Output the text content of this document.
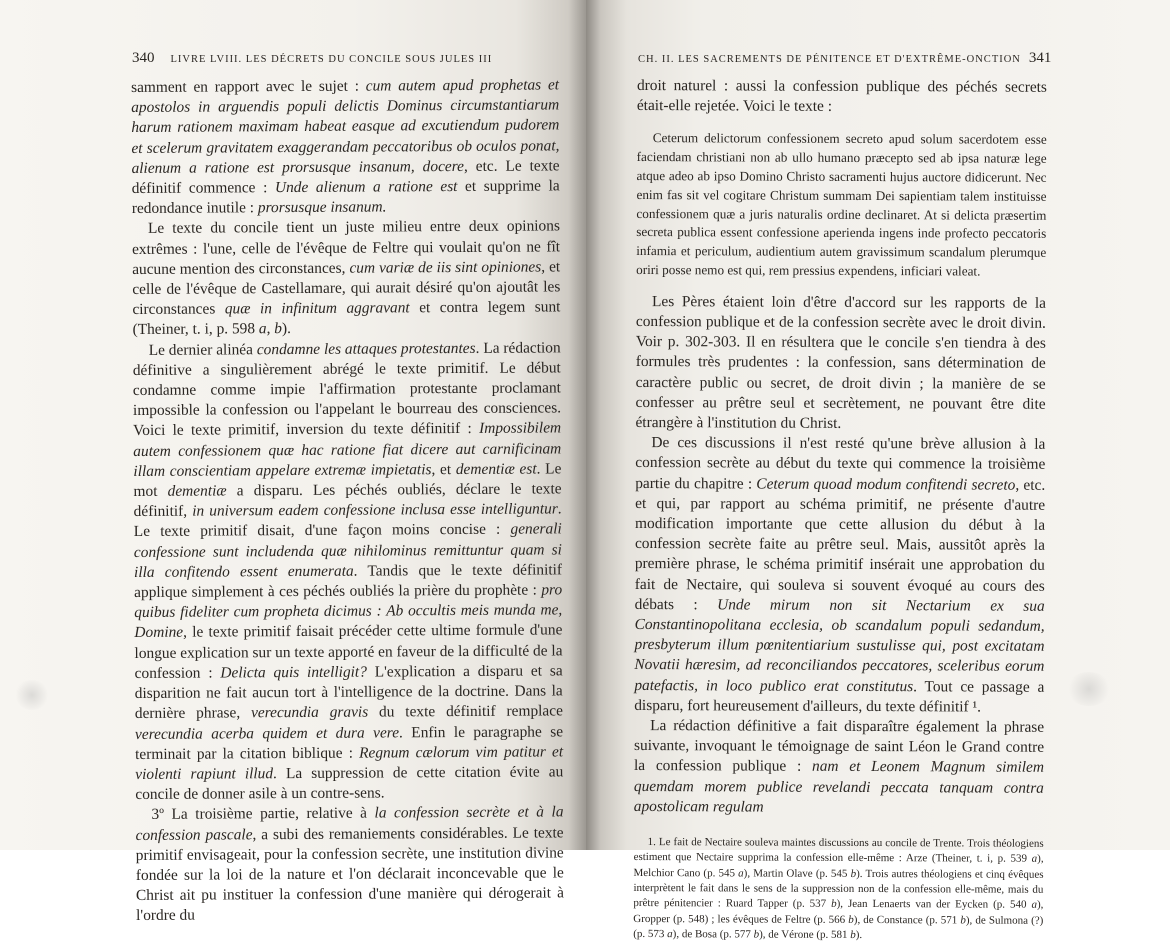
340 LIVRE LVIII. LES DÉCRETS DU CONCILE SOUS JULES III

samment en rapport avec le sujet : cum autem apud prophetas et apostolos in arguendis populi delictis Dominus circumstantiarum harum rationem maximam habeat easque ad excutiendum pudorem et scelerum gravitatem exaggerandam peccatoribus ob oculos ponat, alienum a ratione est prorsusque insanum, docere, etc. Le texte définitif commence : Unde alienum a ratione est et supprime la redondance inutile : prorsusque insanum.

Le texte du concile tient un juste milieu entre deux opinions extrêmes : l'une, celle de l'évêque de Feltre qui voulait qu'on ne fît aucune mention des circonstances, cum variæ de iis sint opiniones, et celle de l'évêque de Castellamare, qui aurait désiré qu'on ajoutât les circonstances quæ in infinitum aggravant et contra legem sunt (Theiner, t. i, p. 598 a, b).

Le dernier alinéa condamne les attaques protestantes. La rédaction définitive a singulièrement abrégé le texte primitif. Le début condamne comme impie l'affirmation protestante proclamant impossible la confession ou l'appelant le bourreau des consciences. Voici le texte primitif, inversion du texte définitif : Impossibilem autem confessionem quæ hac ratione fiat dicere aut carnificinam illam conscientiam appelare extremæ impietatis, et dementiæ est. Le mot dementiæ a disparu. Les péchés oubliés, déclare le texte définitif, in universum eadem confessione inclusa esse intelliguntur. Le texte primitif disait, d'une façon moins concise : generali confessione sunt includenda quæ nihilominus remittuntur quam si illa confitendo essent enumerata. Tandis que le texte définitif applique simplement à ces péchés oubliés la prière du prophète : pro quibus fideliter cum propheta dicimus : Ab occultis meis munda me, Domine, le texte primitif faisait précéder cette ultime formule d'une longue explication sur un texte apporté en faveur de la difficulté de la confession : Delicta quis intelligit? L'explication a disparu et sa disparition ne fait aucun tort à l'intelligence de la doctrine. Dans la dernière phrase, verecundia gravis du texte définitif remplace verecundia acerba quidem et dura vere. Enfin le paragraphe se terminait par la citation biblique : Regnum cælorum vim patitur et violenti rapiunt illud. La suppression de cette citation évite au concile de donner asile à un contre-sens.

3º La troisième partie, relative à la confession secrète et à la confession pascale, a subi des remaniements considérables. Le texte primitif envisageait, pour la confession secrète, une institution divine fondée sur la loi de la nature et l'on déclarait inconcevable que le Christ ait pu instituer la confession d'une manière qui dérogerait à l'ordre du

CH. II. LES SACREMENTS DE PÉNITENCE ET D'EXTRÊME-ONCTION 341

droit naturel : aussi la confession publique des péchés secrets était-elle rejetée. Voici le texte :

Ceterum delictorum confessionem secreto apud solum sacerdotem esse faciendam christiani non ab ullo humano præcepto sed ab ipsa naturæ lege atque adeo ab ipso Domino Christo sacramenti hujus auctore didicerunt. Nec enim fas sit vel cogitare Christum summam Dei sapientiam talem instituisse confessionem quæ a juris naturalis ordine declinaret. At si delicta præsertim secreta publica essent confessione aperienda ingens inde profecto peccatoris infamia et periculum, audientium autem gravissimum scandalum plerumque oriri posse nemo est qui, rem pressius expendens, inficiari valeat.

Les Pères étaient loin d'être d'accord sur les rapports de la confession publique et de la confession secrète avec le droit divin. Voir p. 302-303. Il en résultera que le concile s'en tiendra à des formules très prudentes : la confession, sans détermination de caractère public ou secret, de droit divin ; la manière de se confesser au prêtre seul et secrètement, ne pouvant être dite étrangère à l'institution du Christ.

De ces discussions il n'est resté qu'une brève allusion à la confession secrète au début du texte qui commence la troisième partie du chapitre : Ceterum quoad modum confitendi secreto, etc. et qui, par rapport au schéma primitif, ne présente d'autre modification importante que cette allusion du début à la confession secrète faite au prêtre seul. Mais, aussitôt après la première phrase, le schéma primitif insérait une approbation du fait de Nectaire, qui souleva si souvent évoqué au cours des débats : Unde mirum non sit Nectarium ex sua Constantinopolitana ecclesia, ob scandalum populi sedandum, presbyterum illum pœnitentiarium sustulisse qui, post excitatam Novatii hæresim, ad reconciliandos peccatores, sceleribus eorum patefactis, in loco publico erat constitutus. Tout ce passage a disparu, fort heureusement d'ailleurs, du texte définitif ¹.

La rédaction définitive a fait disparaître également la phrase suivante, invoquant le témoignage de saint Léon le Grand contre la confession publique : nam et Leonem Magnum similem quemdam morem publice revelandi peccata tanquam contra apostolicam regulam

1. Le fait de Nectaire souleva maintes discussions au concile de Trente. Trois théologiens estiment que Nectaire supprima la confession elle-même : Arze (Theiner, t. i, p. 539 a), Melchior Cano (p. 545 a), Martin Olave (p. 545 b). Trois autres théologiens et cinq évêques interprètent le fait dans le sens de la suppression non de la confession elle-même, mais du prêtre pénitencier : Ruard Tapper (p. 537 b), Jean Lenaerts van der Eycken (p. 540 a), Gropper (p. 548) ; les évêques de Feltre (p. 566 b), de Constance (p. 571 b), de Sulmona (?) (p. 573 a), de Bosa (p. 577 b), de Vérone (p. 581 b).
